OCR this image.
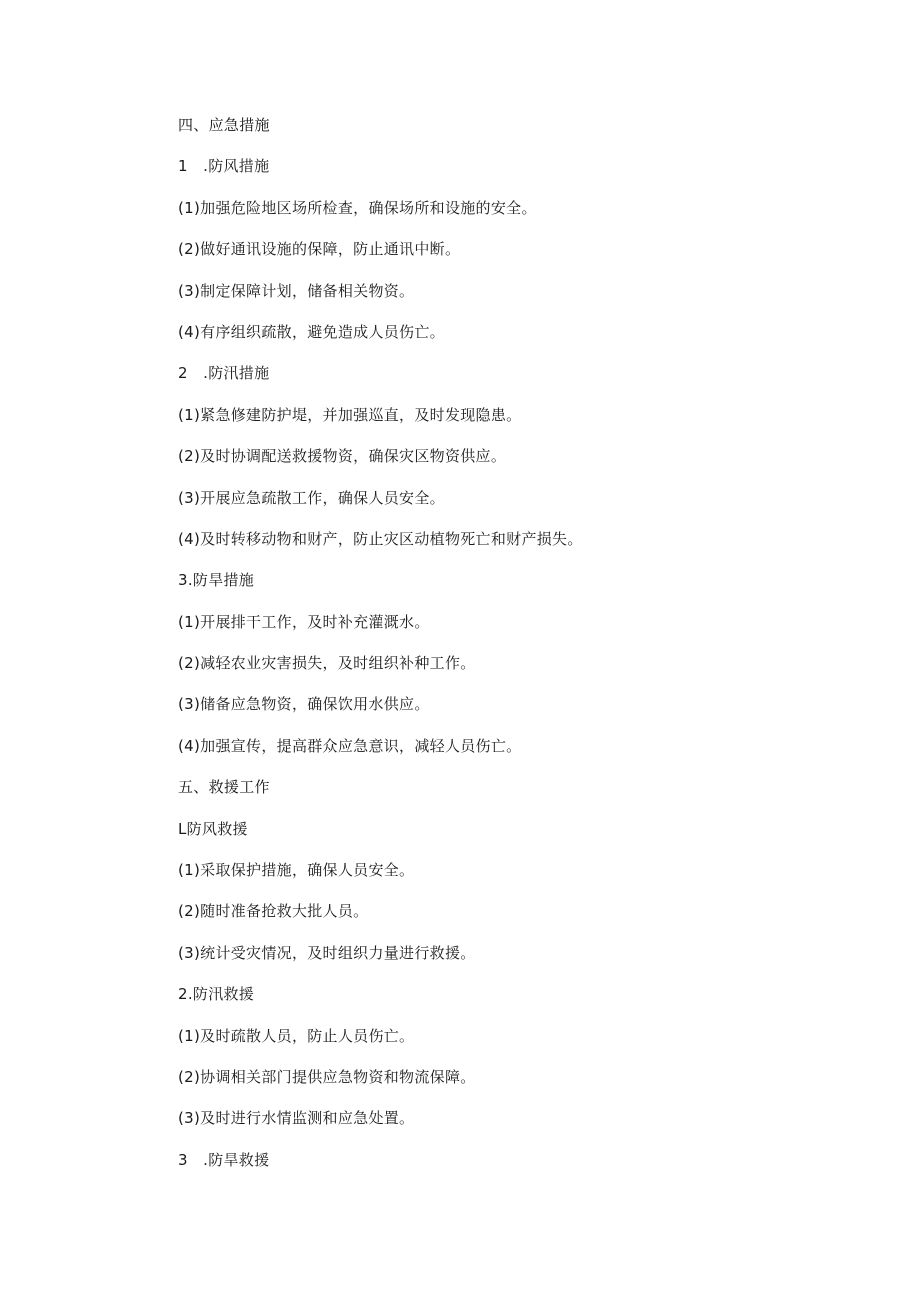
四、应急措施
1　.防风措施
(1)加强危险地区场所检查，确保场所和设施的安全。
(2)做好通讯设施的保障，防止通讯中断。
(3)制定保障计划，储备相关物资。
(4)有序组织疏散，避免造成人员伤亡。
2　.防汛措施
(1)紧急修建防护堤，并加强巡直，及时发现隐患。
(2)及时协调配送救援物资，确保灾区物资供应。
(3)开展应急疏散工作，确保人员安全。
(4)及时转移动物和财产，防止灾区动植物死亡和财产损失。
3.防旱措施
(1)开展排干工作，及时补充灌溉水。
(2)减轻农业灾害损失，及时组织补种工作。
(3)储备应急物资，确保饮用水供应。
(4)加强宣传，提高群众应急意识，减轻人员伤亡。
五、救援工作
L防风救援
(1)采取保护措施，确保人员安全。
(2)随时准备抢救大批人员。
(3)统计受灾情况，及时组织力量进行救援。
2.防汛救援
(1)及时疏散人员，防止人员伤亡。
(2)协调相关部门提供应急物资和物流保障。
(3)及时进行水情监测和应急处置。
3　.防旱救援
